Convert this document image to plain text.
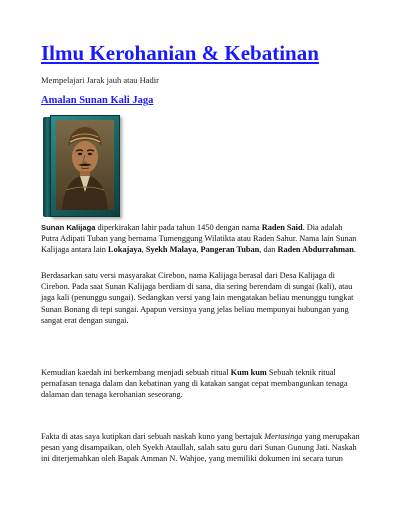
Ilmu Kerohanian & Kebatinan
Mempelajari Jarak jauh atau Hadir
Amalan Sunan Kali Jaga

Sunan Kalijaga diperkirakan lahir pada tahun 1450 dengan nama Raden Said. Dia adalah Putra Adipati Tuban yang bernama Tumenggung Wilatikta atau Raden Sahur. Nama lain Sunan Kalijaga antara lain Lokajaya, Syekh Malaya, Pangeran Tuban, dan Raden Abdurrahman.

Berdasarkan satu versi masyarakat Cirebon, nama Kalijaga berasal dari Desa Kalijaga di Cirebon. Pada saat Sunan Kalijaga berdiam di sana, dia sering berendam di sungai (kali), atau jaga kali (penunggu sungai). Sedangkan versi yang lain mengatakan beliau menunggu tungkat Sunan Bonang di tepi sungai. Apapun versinya yang jelas beliau mempunyai hubungan yang sangat erat dengan sungai.

Kemudian kaedah ini berkembang menjadi sebuah ritual Kum kum Sebuah teknik ritual pernafasan tenaga dalam dan kebatinan yang di katakan sangat cepat membangunkan tenaga dalaman dan tenaga kerohanian seseorang.

Fakta di atas saya kutipkan dari sebuah naskah kuno yang bertajuk Mertasinga yang merupakan pesan yang disampaikan, oleh Syekh Ataullah, salah satu guru dari Sunan Gunung Jati. Naskah ini diterjemahkan oleh Bapak Amman N. Wahjoe, yang memiliki dokumen ini secara turun
